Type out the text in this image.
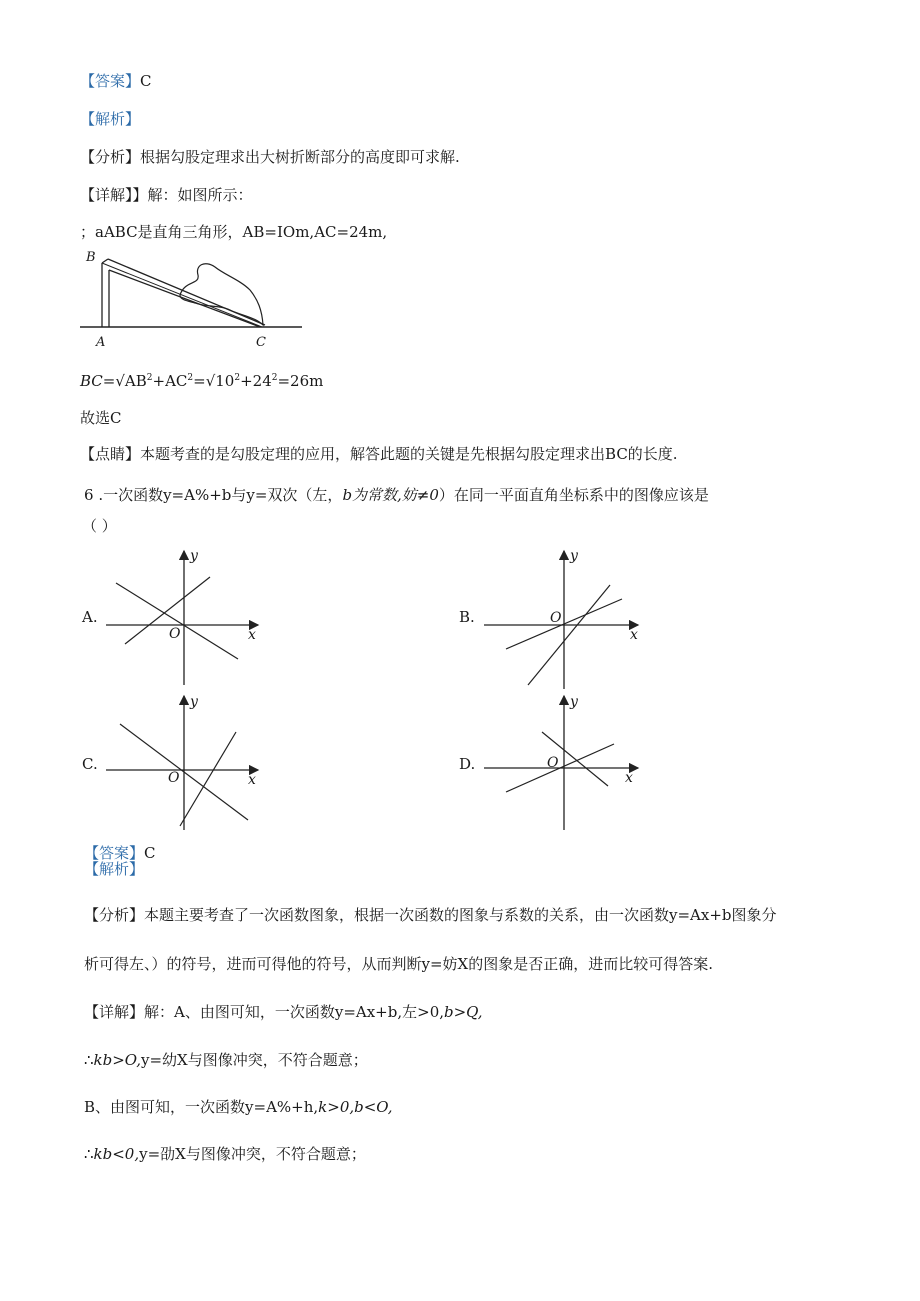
【答案】C
【解析】
【分析】根据勾股定理求出大树折断部分的高度即可求解.
【详解】】解：如图所示：
；aABC是直角三角形，AB=IOm,AC=24m,
B
A	C
$BC=√AB^2+AC^2=√10^2+24^2=26m$
故选C
【点睛】本题考查的是勾股定理的应用，解答此题的关键是先根据勾股定理求出BC的长度.
6 .一次函数y=A%+b与y=双次（左，b为常数,妨≠0）在同一平面直角坐标系中的图像应该是
（ ）
A.
O	x
y
B.	O
x
y
C.
O	x
y
D.	O
x
y
【答案】C
【解析】
【分析】本题主要考查了一次函数图象，根据一次函数的图象与系数的关系，由一次函数y=Ax+b图象分
析可得左、）的符号，进而可得他的符号，从而判断y=妨X的图象是否正确，进而比较可得答案.
【详解】解：A、由图可知，一次函数y=Ax+b,左>0,b>Q,
∴kb>O,y=幼X与图像冲突，不符合题意；
B、由图可知，一次函数y=A%+h,k>0,b<O,
∴kb<0,y=劭X与图像冲突，不符合题意；
